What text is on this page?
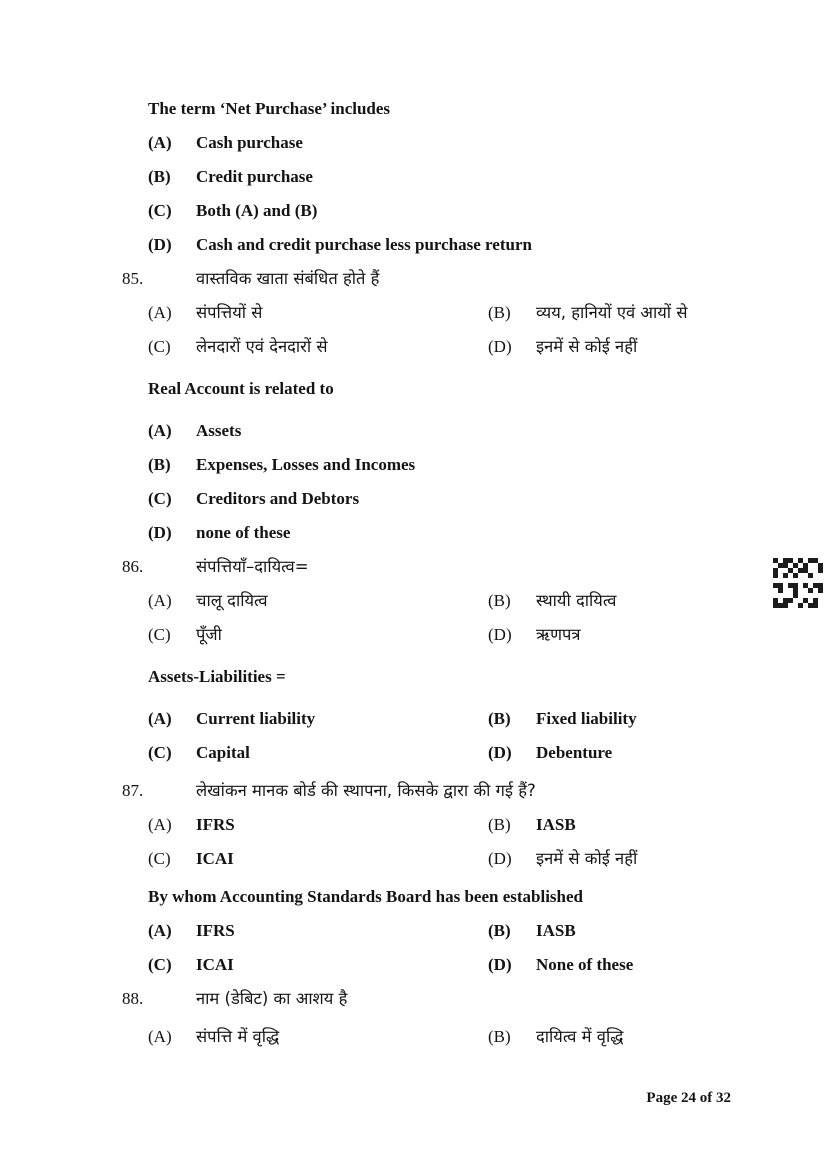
The term ‘Net Purchase’ includes
(A)	Cash purchase
(B)	Credit purchase
(C)	Both (A) and (B)
(D)	Cash and credit purchase less purchase return
85.	वास्तविक खाता संबंधित होते हैं
(A)	संपत्तियों से	(B)	व्यय, हानियों एवं आयों से
(C)	लेनदारों एवं देनदारों से	(D)	इनमें से कोई नहीं
Real Account is related to
(A)	Assets
(B)	Expenses, Losses and Incomes
(C)	Creditors and Debtors
(D)	none of these
86.	संपत्तियाँ–दायित्व=
(A)	चालू दायित्व	(B)	स्थायी दायित्व
(C)	पूँजी	(D)	ऋणपत्र
Assets-Liabilities =
(A)	Current liability	(B)	Fixed liability
(C)	Capital	(D)	Debenture
87.	लेखांकन मानक बोर्ड की स्थापना, किसके द्वारा की गई हैं?
(A)	IFRS	(B)	IASB
(C)	ICAI	(D)	इनमें से कोई नहीं
By whom Accounting Standards Board has been established
(A)	IFRS	(B)	IASB
(C)	ICAI	(D)	None of these
88.	नाम (डेबिट) का आशय है
(A)	संपत्ति में वृद्धि	(B)	दायित्व में वृद्धि
Page 24 of 32
